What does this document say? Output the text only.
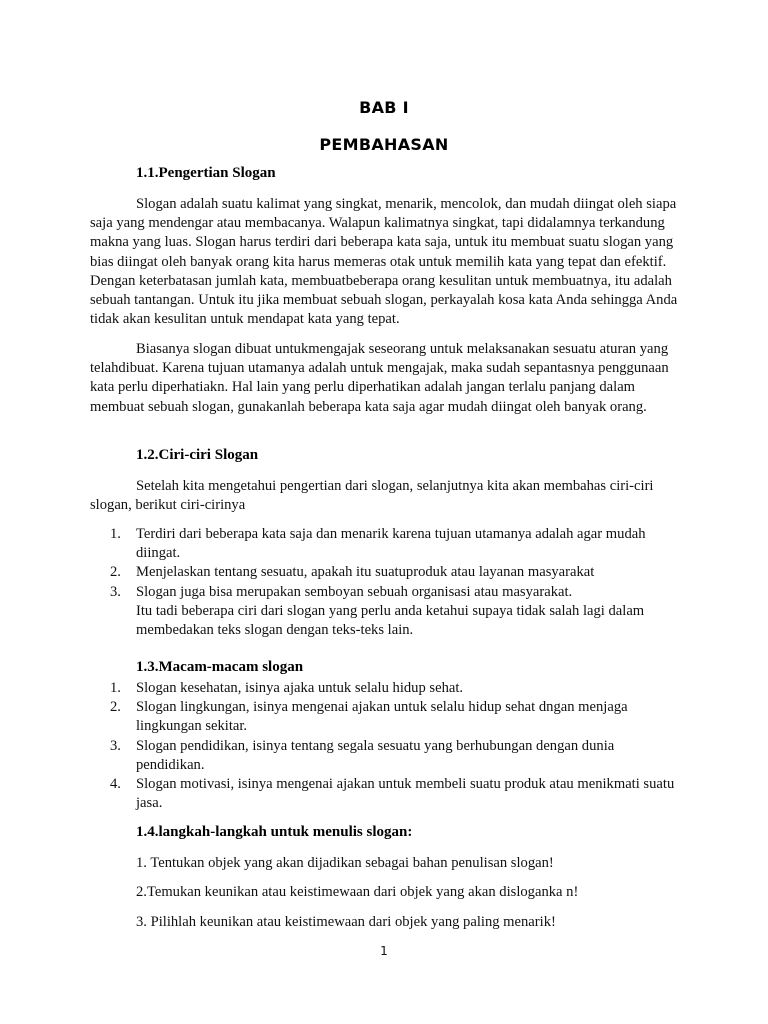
BAB I
PEMBAHASAN
1.1.Pengertian Slogan

Slogan adalah suatu kalimat yang singkat, menarik, mencolok, dan mudah diingat oleh siapa saja yang mendengar atau membacanya. Walapun kalimatnya singkat, tapi didalamnya terkandung makna yang luas. Slogan harus terdiri dari beberapa kata saja, untuk itu membuat suatu slogan yang bias diingat oleh banyak orang kita harus memeras otak untuk memilih kata yang tepat dan efektif. Dengan keterbatasan jumlah kata, membuatbeberapa orang kesulitan untuk membuatnya, itu adalah sebuah tantangan. Untuk itu jika membuat sebuah slogan, perkayalah kosa kata Anda sehingga Anda tidak akan kesulitan untuk mendapat kata yang tepat.

Biasanya slogan dibuat untukmengajak seseorang untuk melaksanakan sesuatu aturan yang telahdibuat. Karena tujuan utamanya adalah untuk mengajak, maka sudah sepantasnya penggunaan kata perlu diperhatiakn. Hal lain yang perlu diperhatikan adalah jangan terlalu panjang dalam membuat sebuah slogan, gunakanlah beberapa kata saja agar mudah diingat oleh banyak orang.

1.2.Ciri-ciri Slogan

Setelah kita mengetahui pengertian dari slogan, selanjutnya kita akan membahas ciri-ciri slogan, berikut ciri-cirinya

1. Terdiri dari beberapa kata saja dan menarik karena tujuan utamanya adalah agar mudah diingat.
2. Menjelaskan tentang sesuatu, apakah itu suatuproduk atau layanan masyarakat
3. Slogan juga bisa merupakan semboyan sebuah organisasi atau masyarakat.

Itu tadi beberapa ciri dari slogan yang perlu anda ketahui supaya tidak salah lagi dalam membedakan teks slogan dengan teks-teks lain.

1.3.Macam-macam slogan
1. Slogan kesehatan, isinya ajaka untuk selalu hidup sehat.
2. Slogan lingkungan, isinya mengenai ajakan untuk selalu hidup sehat dngan menjaga lingkungan sekitar.
3. Slogan pendidikan, isinya tentang segala sesuatu yang berhubungan dengan dunia pendidikan.
4. Slogan motivasi, isinya mengenai ajakan untuk membeli suatu produk atau menikmati suatu jasa.
1.4.langkah-langkah untuk menulis slogan:
1. Tentukan objek yang akan dijadikan sebagai bahan penulisan slogan!
2.Temukan keunikan atau keistimewaan dari objek yang akan disloganka n!
3. Pilihlah keunikan atau keistimewaan dari objek yang paling menarik!
1
